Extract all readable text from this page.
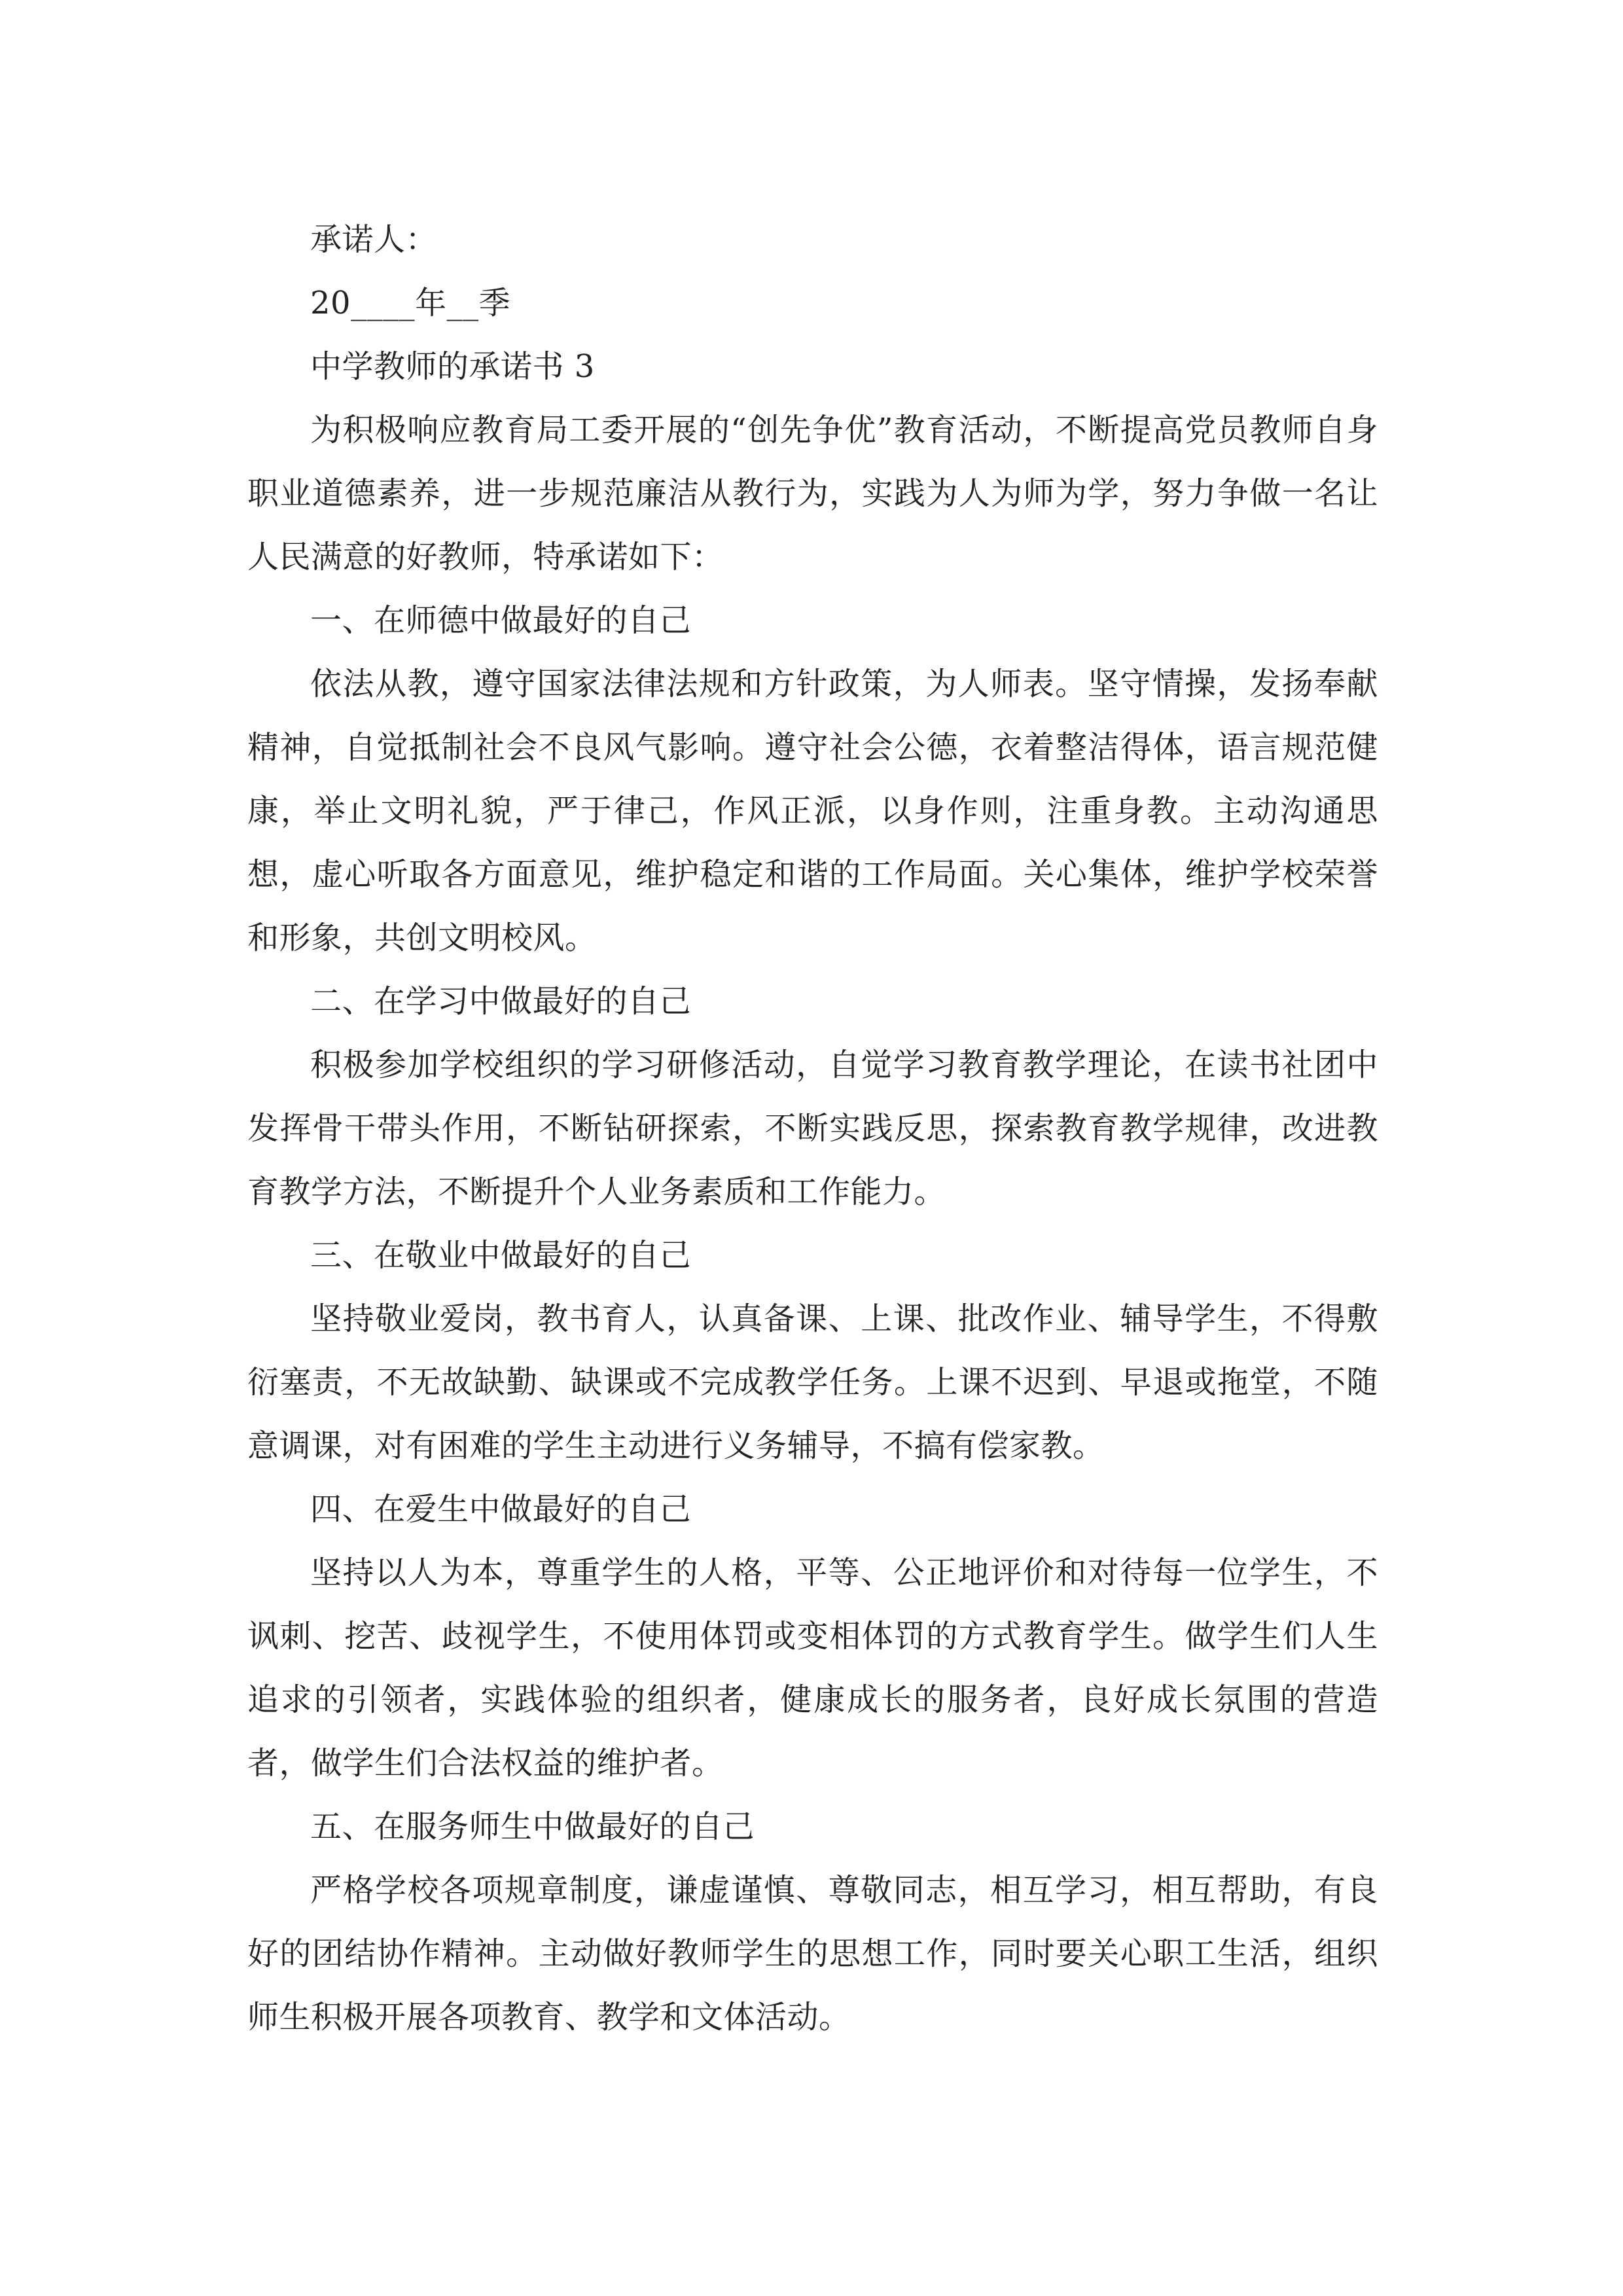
承诺人：

20____年__季

中学教师的承诺书 3

为积极响应教育局工委开展的“创先争优”教育活动，不断提高党员教师自身职业道德素养，进一步规范廉洁从教行为，实践为人为师为学，努力争做一名让人民满意的好教师，特承诺如下：

一、在师德中做最好的自己

依法从教，遵守国家法律法规和方针政策，为人师表。坚守情操，发扬奉献精神，自觉抵制社会不良风气影响。遵守社会公德，衣着整洁得体，语言规范健康，举止文明礼貌，严于律己，作风正派，以身作则，注重身教。主动沟通思想，虚心听取各方面意见，维护稳定和谐的工作局面。关心集体，维护学校荣誉和形象，共创文明校风。

二、在学习中做最好的自己

积极参加学校组织的学习研修活动，自觉学习教育教学理论，在读书社团中发挥骨干带头作用，不断钻研探索，不断实践反思，探索教育教学规律，改进教育教学方法，不断提升个人业务素质和工作能力。

三、在敬业中做最好的自己

坚持敬业爱岗，教书育人，认真备课、上课、批改作业、辅导学生，不得敷衍塞责，不无故缺勤、缺课或不完成教学任务。上课不迟到、早退或拖堂，不随意调课，对有困难的学生主动进行义务辅导，不搞有偿家教。

四、在爱生中做最好的自己

坚持以人为本，尊重学生的人格，平等、公正地评价和对待每一位学生，不讽刺、挖苦、歧视学生，不使用体罚或变相体罚的方式教育学生。做学生们人生追求的引领者，实践体验的组织者，健康成长的服务者，良好成长氛围的营造者，做学生们合法权益的维护者。

五、在服务师生中做最好的自己

严格学校各项规章制度，谦虚谨慎、尊敬同志，相互学习，相互帮助，有良好的团结协作精神。主动做好教师学生的思想工作，同时要关心职工生活，组织师生积极开展各项教育、教学和文体活动。
